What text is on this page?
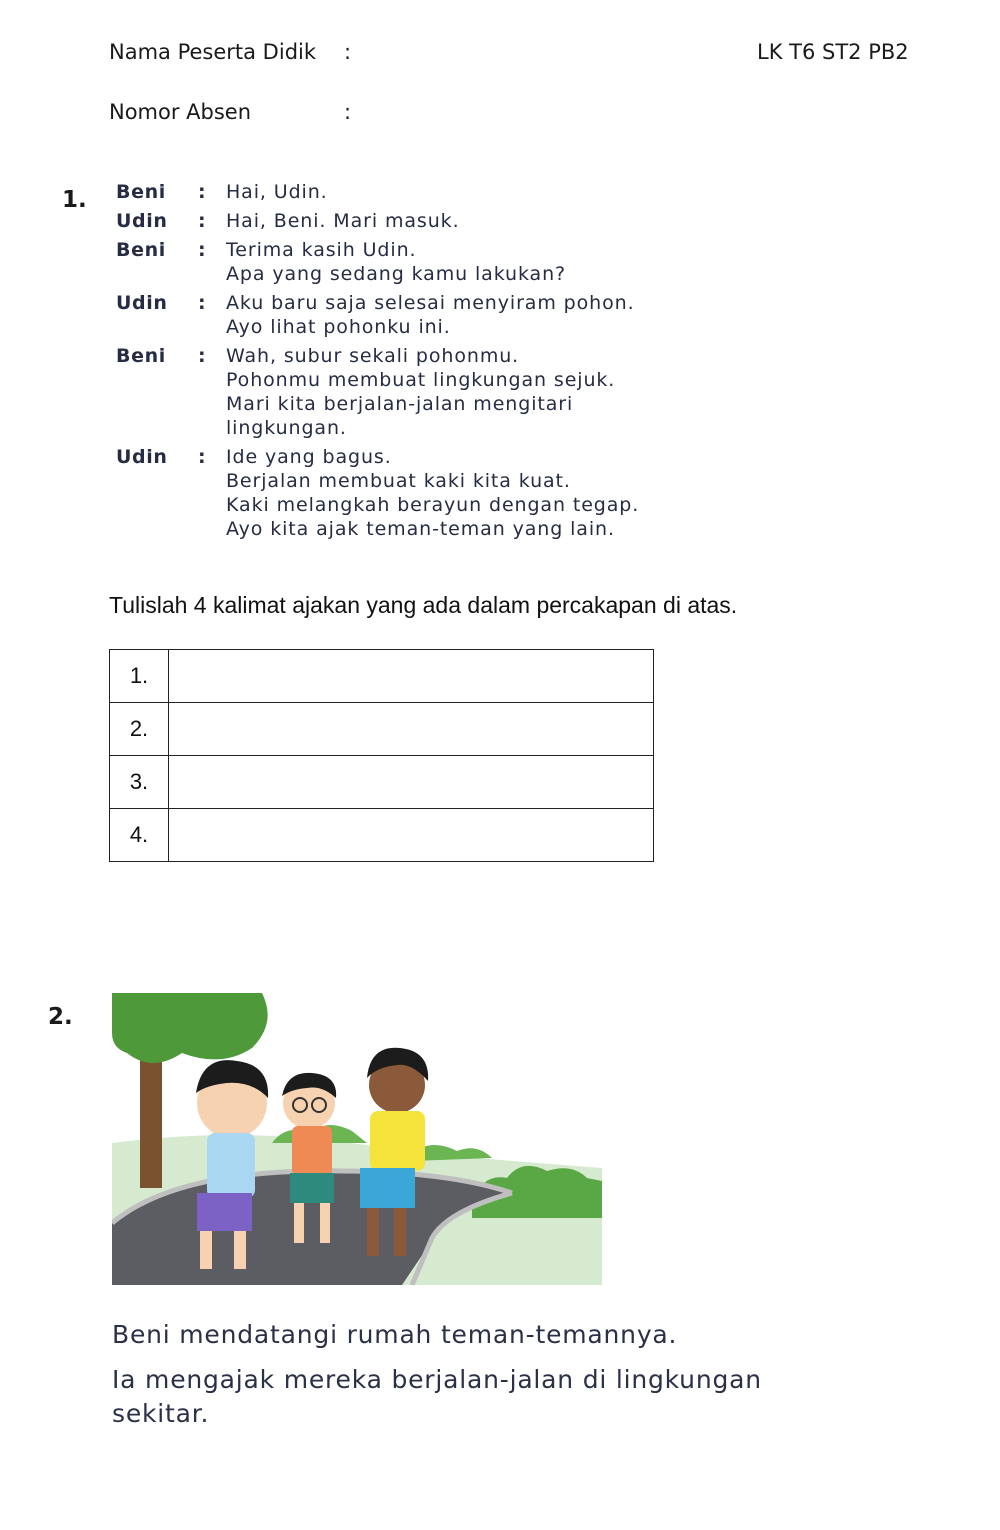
Nama Peserta Didik :	LK T6 ST2 PB2
Nomor Absen	:
1. Beni	:	Hai, Udin.
Udin	:	Hai, Beni. Mari masuk.
Beni	:	Terima kasih Udin.
Apa yang sedang kamu lakukan?
Udin	:	Aku baru saja selesai menyiram pohon.
Ayo lihat pohonku ini.
Beni	:	Wah, subur sekali pohonmu.
Pohonmu membuat lingkungan sejuk.
Mari kita berjalan-jalan mengitari
lingkungan.
Udin	:	Ide yang bagus.
Berjalan membuat kaki kita kuat.
Kaki melangkah berayun dengan tegap.
Ayo kita ajak teman-teman yang lain.
Tulislah 4 kalimat ajakan yang ada dalam percakapan di atas.
1.	
2.	
3.	
4.	
2.
Beni mendatangi rumah teman-temannya.
Ia mengajak mereka berjalan-jalan di lingkungan
sekitar.
